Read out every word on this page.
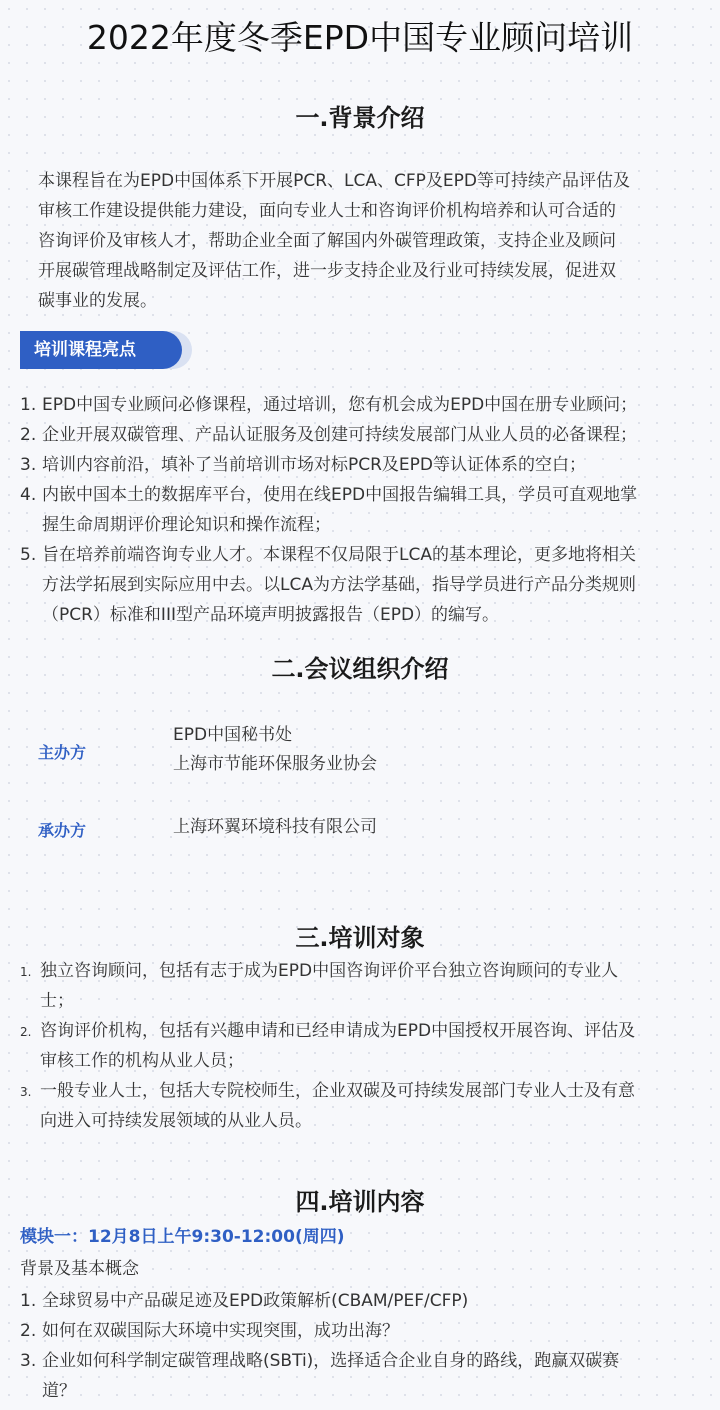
2022年度冬季EPD中国专业顾问培训
一.背景介绍
本课程旨在为EPD中国体系下开展PCR、LCA、CFP及EPD等可持续产品评估及
审核工作建设提供能力建设，面向专业人士和咨询评价机构培养和认可合适的
咨询评价及审核人才，帮助企业全面了解国内外碳管理政策，支持企业及顾问
开展碳管理战略制定及评估工作，进一步支持企业及行业可持续发展，促进双
碳事业的发展。
培训课程亮点
1. EPD中国专业顾问必修课程，通过培训，您有机会成为EPD中国在册专业顾问；
2. 企业开展双碳管理、产品认证服务及创建可持续发展部门从业人员的必备课程；
3. 培训内容前沿，填补了当前培训市场对标PCR及EPD等认证体系的空白；
4. 内嵌中国本土的数据库平台，使用在线EPD中国报告编辑工具，学员可直观地掌
握生命周期评价理论知识和操作流程；
5. 旨在培养前端咨询专业人才。本课程不仅局限于LCA的基本理论，更多地将相关
方法学拓展到实际应用中去。以LCA为方法学基础，指导学员进行产品分类规则
（PCR）标准和III型产品环境声明披露报告（EPD）的编写。
二.会议组织介绍
主办方
EPD中国秘书处
上海市节能环保服务业协会
承办方	上海环翼环境科技有限公司
三.培训对象
1. 独立咨询顾问，包括有志于成为EPD中国咨询评价平台独立咨询顾问的专业人
士；
2. 咨询评价机构，包括有兴趣申请和已经申请成为EPD中国授权开展咨询、评估及
审核工作的机构从业人员；
3. 一般专业人士，包括大专院校师生，企业双碳及可持续发展部门专业人士及有意
向进入可持续发展领域的从业人员。
四.培训内容
模块一：12月8日上午9:30-12:00(周四)
背景及基本概念
1. 全球贸易中产品碳足迹及EPD政策解析(CBAM/PEF/CFP)
2. 如何在双碳国际大环境中实现突围，成功出海？
3. 企业如何科学制定碳管理战略(SBTi)，选择适合企业自身的路线，跑赢双碳赛
道？
